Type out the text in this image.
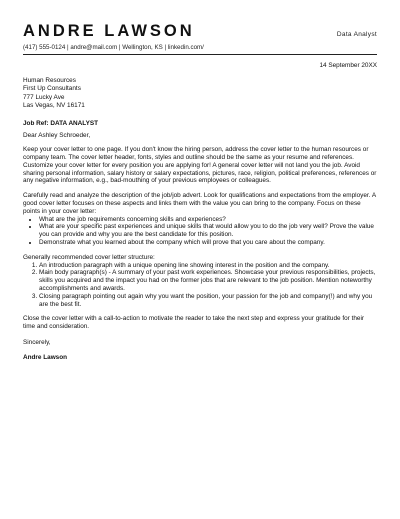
ANDRE LAWSON	Data Analyst
(417) 555-0124 | andre@mail.com | Wellington, KS | linkedin.com/
14 September 20XX
Human Resources
First Up Consultants
777 Lucky Ave
Las Vegas, NV 16171
Job Ref: DATA ANALYST
Dear Ashley Schroeder,

Keep your cover letter to one page. If you don't know the hiring person, address the cover letter to the human resources or company team. The cover letter header, fonts, styles and outline should be the same as your resume and references. Customize your cover letter for every position you are applying for! A general cover letter will not land you the job. Avoid sharing personal information, salary history or salary expectations, pictures, race, religion, political preferences, references or any negative information, e.g., bad-mouthing of your previous employees or colleagues.

Carefully read and analyze the description of the job/job advert. Look for qualifications and expectations from the employer. A good cover letter focuses on these aspects and links them with the value you can bring to the company. Focus on these points in your cover letter:

• What are the job requirements concerning skills and experiences?
• What are your specific past experiences and unique skills that would allow you to do the job very well? Prove the value you can provide and why you are the best candidate for this position.
• Demonstrate what you learned about the company which will prove that you care about the company.

Generally recommended cover letter structure:

1. An introduction paragraph with a unique opening line showing interest in the position and the company.
2. Main body paragraph(s) - A summary of your past work experiences. Showcase your previous responsibilities, projects, skills you acquired and the impact you had on the former jobs that are relevant to the job position. Mention noteworthy accomplishments and awards.
3. Closing paragraph pointing out again why you want the position, your passion for the job and company(!) and why you are the best fit.

Close the cover letter with a call-to-action to motivate the reader to take the next step and express your gratitude for their time and consideration.

Sincerely,
Andre Lawson
